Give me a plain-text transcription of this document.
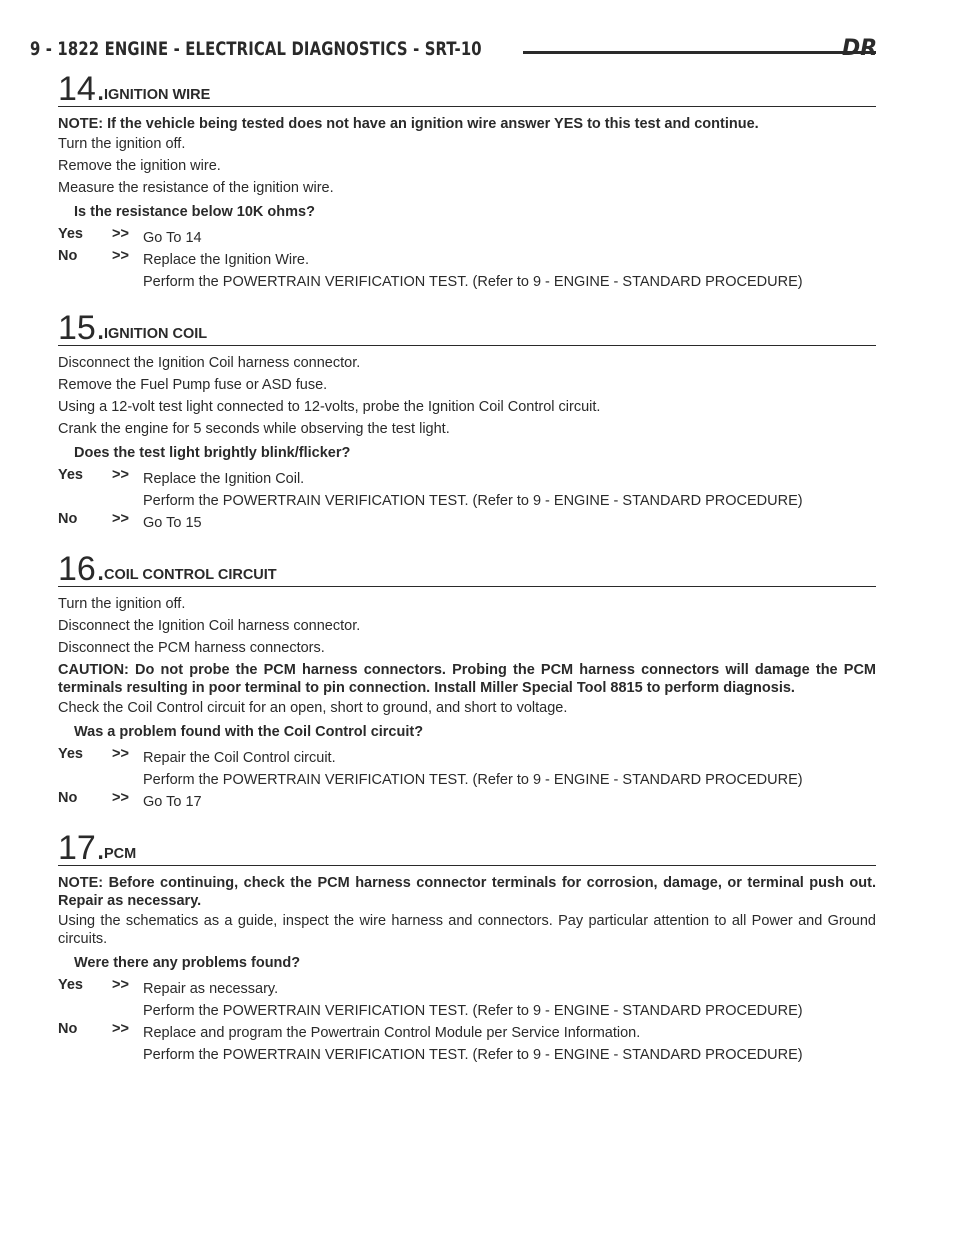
9 - 1822 ENGINE - ELECTRICAL DIAGNOSTICS - SRT-10	DR
14.
IGNITION WIRE

NOTE: If the vehicle being tested does not have an ignition wire answer YES to this test and continue.

Turn the ignition off.

Remove the ignition wire.

Measure the resistance of the ignition wire.

Is the resistance below 10K ohms?

Yes >> Go To 14

No >> Replace the Ignition Wire.

Perform the POWERTRAIN VERIFICATION TEST. (Refer to 9 - ENGINE - STANDARD PROCEDURE)

15.
IGNITION COIL

Disconnect the Ignition Coil harness connector.

Remove the Fuel Pump fuse or ASD fuse.

Using a 12-volt test light connected to 12-volts, probe the Ignition Coil Control circuit.

Crank the engine for 5 seconds while observing the test light.

Does the test light brightly blink/flicker?

Yes >> Replace the Ignition Coil.

Perform the POWERTRAIN VERIFICATION TEST. (Refer to 9 - ENGINE - STANDARD PROCEDURE)

No >> Go To 15

16.
COIL CONTROL CIRCUIT

Turn the ignition off.

Disconnect the Ignition Coil harness connector.

Disconnect the PCM harness connectors.

CAUTION: Do not probe the PCM harness connectors. Probing the PCM harness connectors will damage the PCM terminals resulting in poor terminal to pin connection. Install Miller Special Tool 8815 to perform diagnosis.

Check the Coil Control circuit for an open, short to ground, and short to voltage.

Was a problem found with the Coil Control circuit?

Yes >> Repair the Coil Control circuit.

Perform the POWERTRAIN VERIFICATION TEST. (Refer to 9 - ENGINE - STANDARD PROCEDURE)

No >> Go To 17

17.
PCM

NOTE: Before continuing, check the PCM harness connector terminals for corrosion, damage, or terminal push out. Repair as necessary.

Using the schematics as a guide, inspect the wire harness and connectors. Pay particular attention to all Power and Ground circuits.

Were there any problems found?

Yes >> Repair as necessary.

Perform the POWERTRAIN VERIFICATION TEST. (Refer to 9 - ENGINE - STANDARD PROCEDURE)

No >> Replace and program the Powertrain Control Module per Service Information.

Perform the POWERTRAIN VERIFICATION TEST. (Refer to 9 - ENGINE - STANDARD PROCEDURE)
